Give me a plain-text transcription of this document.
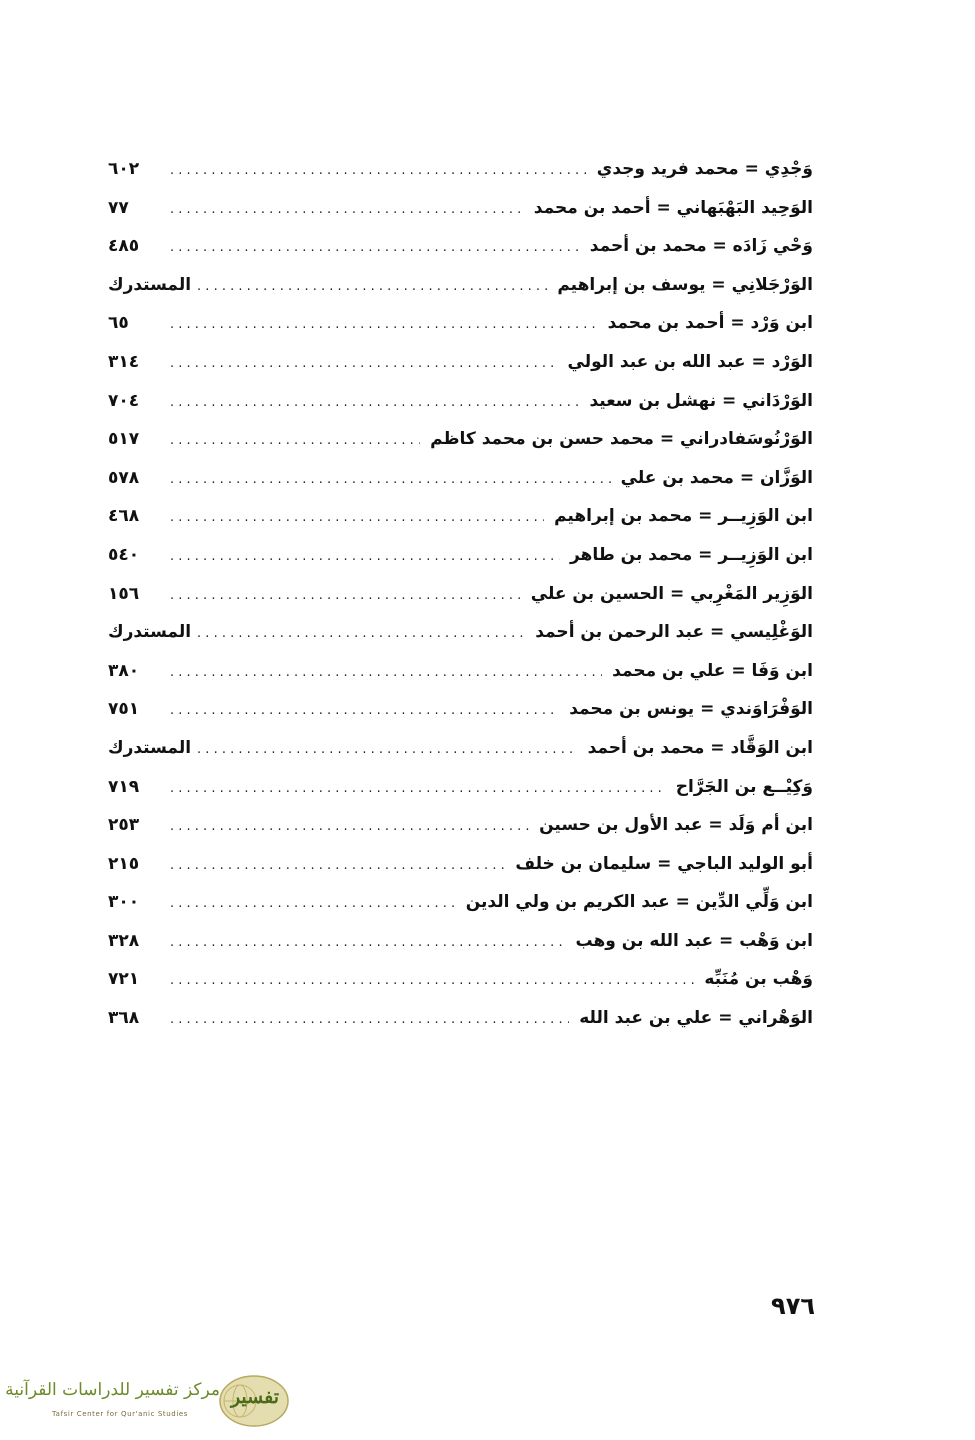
وَجْدِي = محمد فريد وجدي
. . .
٦٠٢
الوَحِيد البَهْبَهاني = أحمد بن محمد
. . .
٧٧
وَحْي زَادَه = محمد بن أحمد
. . .
٤٨٥
الوَرْجَلانِي = يوسف بن إبراهيم
. . .
المستدرك
ابن وَرْد = أحمد بن محمد
. . .
٦٥
الوَرْد = عبد الله بن عبد الولي
. . .
٣١٤
الوَرْدَاني = نهشل بن سعيد
. . .
٧٠٤
الوَرْنُوسَفادراني = محمد حسن بن محمد كاظم
. . .
٥١٧
الوَزَّان = محمد بن علي
. . .
٥٧٨
ابن الوَزِيــر = محمد بن إبراهيم
. . .
٤٦٨
ابن الوَزِيــر = محمد بن طاهر
. . .
٥٤٠
الوَزِير المَغْرِبي = الحسين بن علي
. . .
١٥٦
الوَغْلِيسي = عبد الرحمن بن أحمد
. . .
المستدرك
ابن وَفَا = علي بن محمد
. . .
٣٨٠
الوَفْرَاوَندي = يونس بن محمد
. . .
٧٥١
ابن الوَقَّاد = محمد بن أحمد
. . .
المستدرك
وَكِيْــع بن الجَرَّاح
. . .
٧١٩
ابن أم وَلَد = عبد الأول بن حسين
. . .
٢٥٣
أبو الوليد الباجي = سليمان بن خلف
. . .
٢١٥
ابن وَلِّي الدِّين = عبد الكريم بن ولي الدين
. . .
٣٠٠
ابن وَهْب = عبد الله بن وهب
. . .
٣٢٨
وَهْب بن مُنَبِّه
. . .
٧٢١
الوَهْراني = علي بن عبد الله
. . .
٣٦٨
٩٧٦
مركز تفسير للدراسات القرآنية
Tafsir Center for Qur'anic Studies
تفسير
